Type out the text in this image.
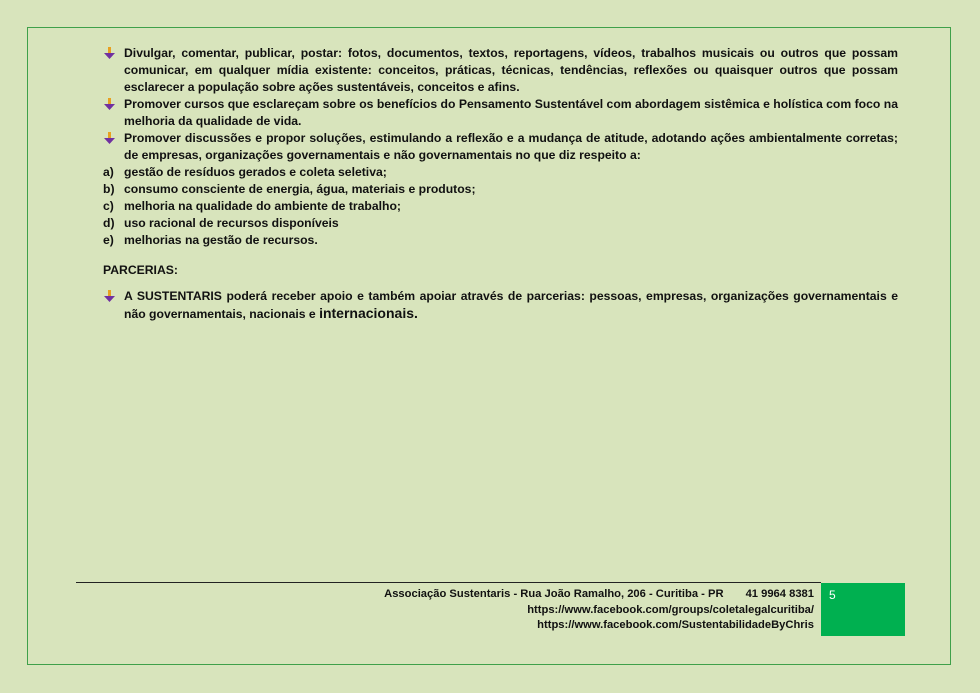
Divulgar, comentar, publicar, postar: fotos, documentos, textos, reportagens, vídeos, trabalhos musicais ou outros que possam comunicar, em qualquer mídia existente: conceitos, práticas, técnicas, tendências, reflexões ou quaisquer outros que possam esclarecer a população sobre ações sustentáveis, conceitos e afins.
Promover cursos que esclareçam sobre os benefícios do Pensamento Sustentável com abordagem sistêmica e holística com foco na melhoria da qualidade de vida.
Promover discussões e propor soluções, estimulando a reflexão e a mudança de atitude, adotando ações ambientalmente corretas; de empresas, organizações governamentais e não governamentais no que diz respeito a:
a) gestão de resíduos gerados e coleta seletiva;
b) consumo consciente de energia, água, materiais e produtos;
c) melhoria na qualidade do ambiente de trabalho;
d) uso racional de recursos disponíveis
e) melhorias na gestão de recursos.
PARCERIAS:
A SUSTENTARIS poderá receber apoio e também apoiar através de parcerias: pessoas, empresas, organizações governamentais e não governamentais, nacionais e internacionais.
Associação Sustentaris - Rua João Ramalho, 206 - Curitiba - PR 41 9964 8381
https://www.facebook.com/groups/coletalegalcuritiba/
https://www.facebook.com/SustentabilidadeByChris
5
